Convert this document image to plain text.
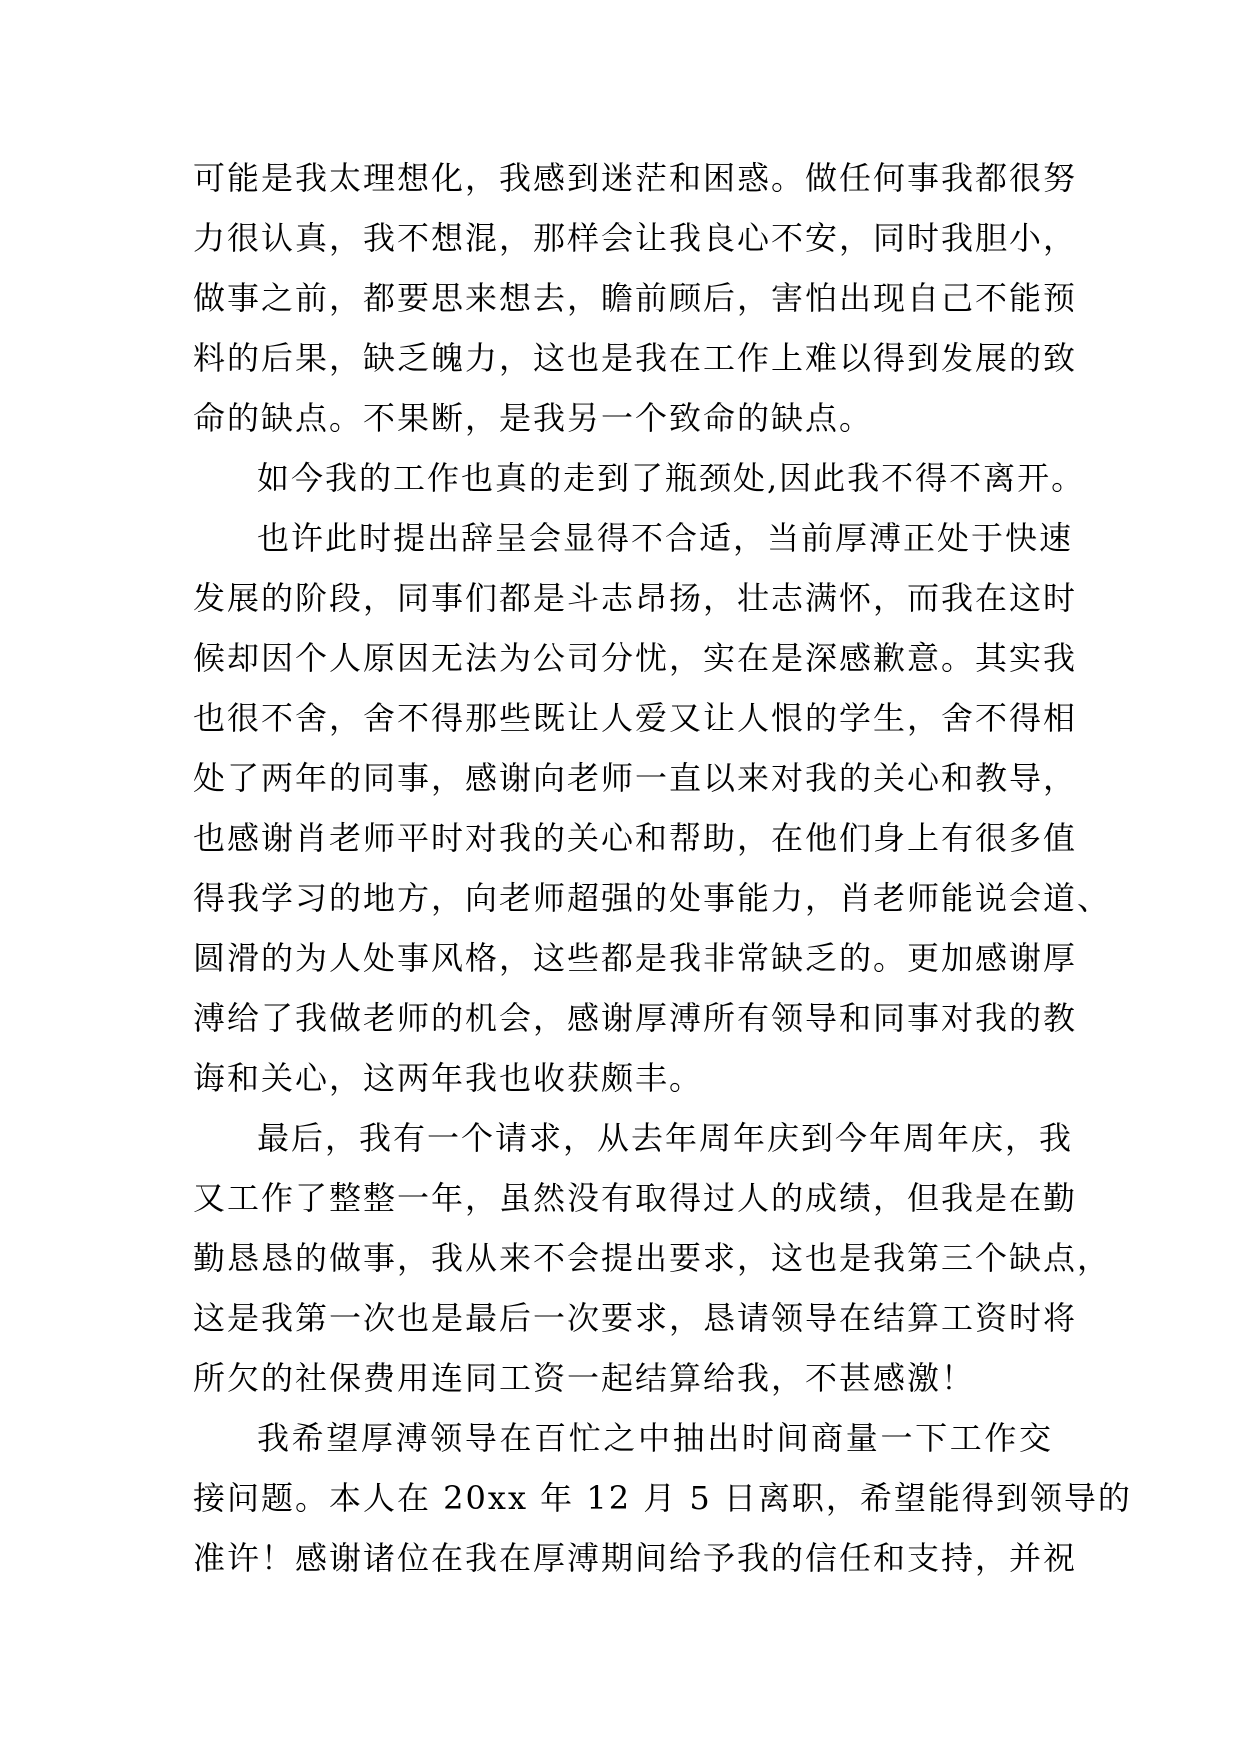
可能是我太理想化，我感到迷茫和困惑。做任何事我都很努
力很认真，我不想混，那样会让我良心不安，同时我胆小，
做事之前，都要思来想去，瞻前顾后，害怕出现自己不能预
料的后果，缺乏魄力，这也是我在工作上难以得到发展的致
命的缺点。不果断，是我另一个致命的缺点。
如今我的工作也真的走到了瓶颈处,因此我不得不离开。
也许此时提出辞呈会显得不合适，当前厚溥正处于快速
发展的阶段，同事们都是斗志昂扬，壮志满怀，而我在这时
候却因个人原因无法为公司分忧，实在是深感歉意。其实我
也很不舍，舍不得那些既让人爱又让人恨的学生，舍不得相
处了两年的同事，感谢向老师一直以来对我的关心和教导，
也感谢肖老师平时对我的关心和帮助，在他们身上有很多值
得我学习的地方，向老师超强的处事能力，肖老师能说会道、
圆滑的为人处事风格，这些都是我非常缺乏的。更加感谢厚
溥给了我做老师的机会，感谢厚溥所有领导和同事对我的教
诲和关心，这两年我也收获颇丰。
最后，我有一个请求，从去年周年庆到今年周年庆，我
又工作了整整一年，虽然没有取得过人的成绩，但我是在勤
勤恳恳的做事，我从来不会提出要求，这也是我第三个缺点，
这是我第一次也是最后一次要求，恳请领导在结算工资时将
所欠的社保费用连同工资一起结算给我，不甚感激！
我希望厚溥领导在百忙之中抽出时间商量一下工作交
接问题。本人在 20xx 年 12 月 5 日离职，希望能得到领导的
准许！感谢诸位在我在厚溥期间给予我的信任和支持，并祝
